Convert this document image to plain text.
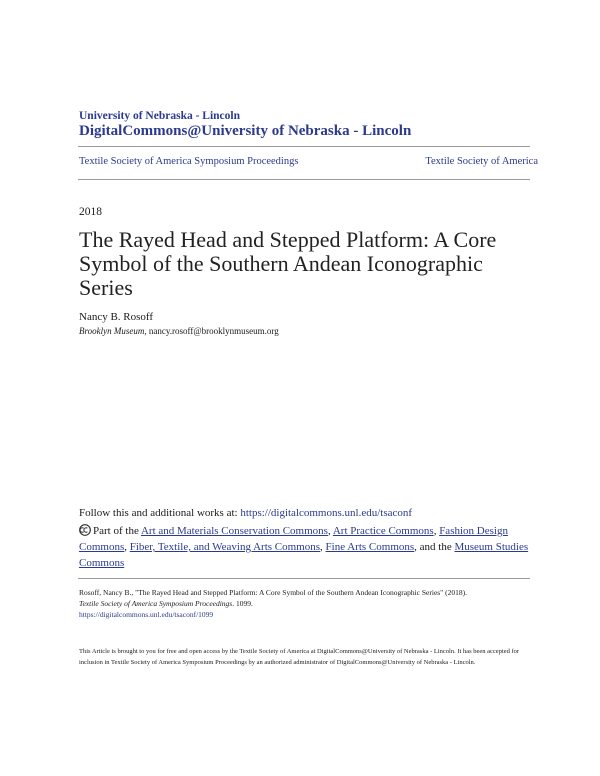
University of Nebraska - Lincoln
DigitalCommons@University of Nebraska - Lincoln
Textile Society of America Symposium Proceedings	Textile Society of America
2018
The Rayed Head and Stepped Platform: A Core Symbol of the Southern Andean Iconographic Series
Nancy B. Rosoff
Brooklyn Museum, nancy.rosoff@brooklynmuseum.org
Follow this and additional works at: https://digitalcommons.unl.edu/tsaconf
Part of the Art and Materials Conservation Commons, Art Practice Commons, Fashion Design Commons, Fiber, Textile, and Weaving Arts Commons, Fine Arts Commons, and the Museum Studies Commons
Rosoff, Nancy B., "The Rayed Head and Stepped Platform: A Core Symbol of the Southern Andean Iconographic Series" (2018).
Textile Society of America Symposium Proceedings. 1099.
https://digitalcommons.unl.edu/tsaconf/1099
This Article is brought to you for free and open access by the Textile Society of America at DigitalCommons@University of Nebraska - Lincoln. It has been accepted for inclusion in Textile Society of America Symposium Proceedings by an authorized administrator of DigitalCommons@University of Nebraska - Lincoln.
